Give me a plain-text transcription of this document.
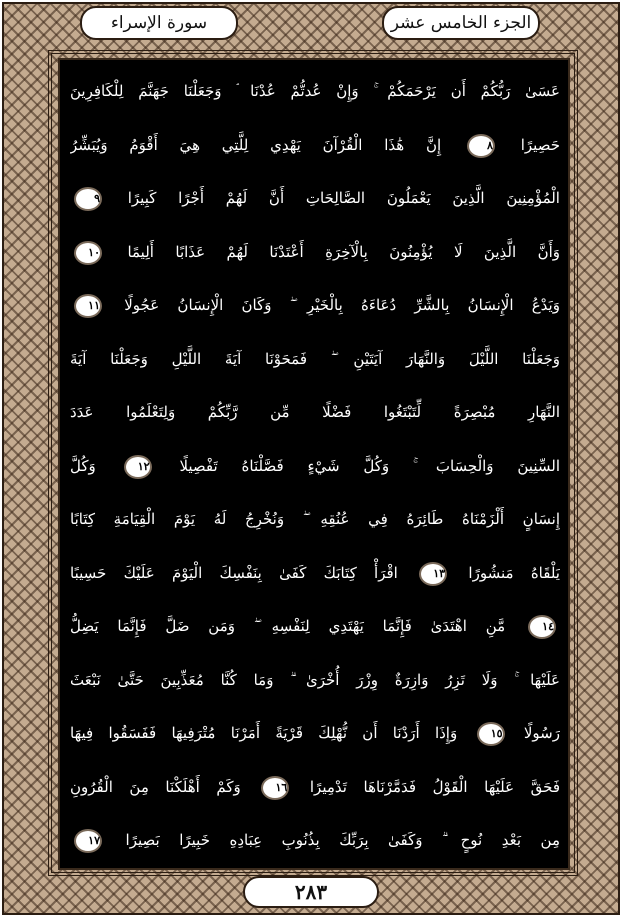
الجزء الخامس عشر
سورة الإسراء
عَسَىٰ رَبُّكُمْ أَن يَرْحَمَكُمْ ۚ وَإِنْ عُدتُّمْ عُدْنَا ۘ وَجَعَلْنَا جَهَنَّمَ لِلْكَافِرِينَ
حَصِيرًا ٨ إِنَّ هَٰذَا الْقُرْآنَ يَهْدِي لِلَّتِي هِيَ أَقْوَمُ وَيُبَشِّرُ
الْمُؤْمِنِينَ الَّذِينَ يَعْمَلُونَ الصَّالِحَاتِ أَنَّ لَهُمْ أَجْرًا كَبِيرًا ٩
وَأَنَّ الَّذِينَ لَا يُؤْمِنُونَ بِالْآخِرَةِ أَعْتَدْنَا لَهُمْ عَذَابًا أَلِيمًا ١٠
وَيَدْعُ الْإِنسَانُ بِالشَّرِّ دُعَاءَهُ بِالْخَيْرِ ۖ وَكَانَ الْإِنسَانُ عَجُولًا ١١
وَجَعَلْنَا اللَّيْلَ وَالنَّهَارَ آيَتَيْنِ ۖ فَمَحَوْنَا آيَةَ اللَّيْلِ وَجَعَلْنَا آيَةَ
النَّهَارِ مُبْصِرَةً لِّتَبْتَغُوا فَضْلًا مِّن رَّبِّكُمْ وَلِتَعْلَمُوا عَدَدَ
السِّنِينَ وَالْحِسَابَ ۚ وَكُلَّ شَيْءٍ فَصَّلْنَاهُ تَفْصِيلًا ١٢ وَكُلَّ
إِنسَانٍ أَلْزَمْنَاهُ طَائِرَهُ فِي عُنُقِهِ ۖ وَنُخْرِجُ لَهُ يَوْمَ الْقِيَامَةِ كِتَابًا
يَلْقَاهُ مَنشُورًا ١٣ اقْرَأْ كِتَابَكَ كَفَىٰ بِنَفْسِكَ الْيَوْمَ عَلَيْكَ حَسِيبًا
١٤ مَّنِ اهْتَدَىٰ فَإِنَّمَا يَهْتَدِي لِنَفْسِهِ ۖ وَمَن ضَلَّ فَإِنَّمَا يَضِلُّ
عَلَيْهَا ۚ وَلَا تَزِرُ وَازِرَةٌ وِزْرَ أُخْرَىٰ ۗ وَمَا كُنَّا مُعَذِّبِينَ حَتَّىٰ نَبْعَثَ
رَسُولًا ١٥ وَإِذَا أَرَدْنَا أَن نُّهْلِكَ قَرْيَةً أَمَرْنَا مُتْرَفِيهَا فَفَسَقُوا فِيهَا
فَحَقَّ عَلَيْهَا الْقَوْلُ فَدَمَّرْنَاهَا تَدْمِيرًا ١٦ وَكَمْ أَهْلَكْنَا مِنَ الْقُرُونِ
مِن بَعْدِ نُوحٍ ۗ وَكَفَىٰ بِرَبِّكَ بِذُنُوبِ عِبَادِهِ خَبِيرًا بَصِيرًا ١٧
٢٨٣
